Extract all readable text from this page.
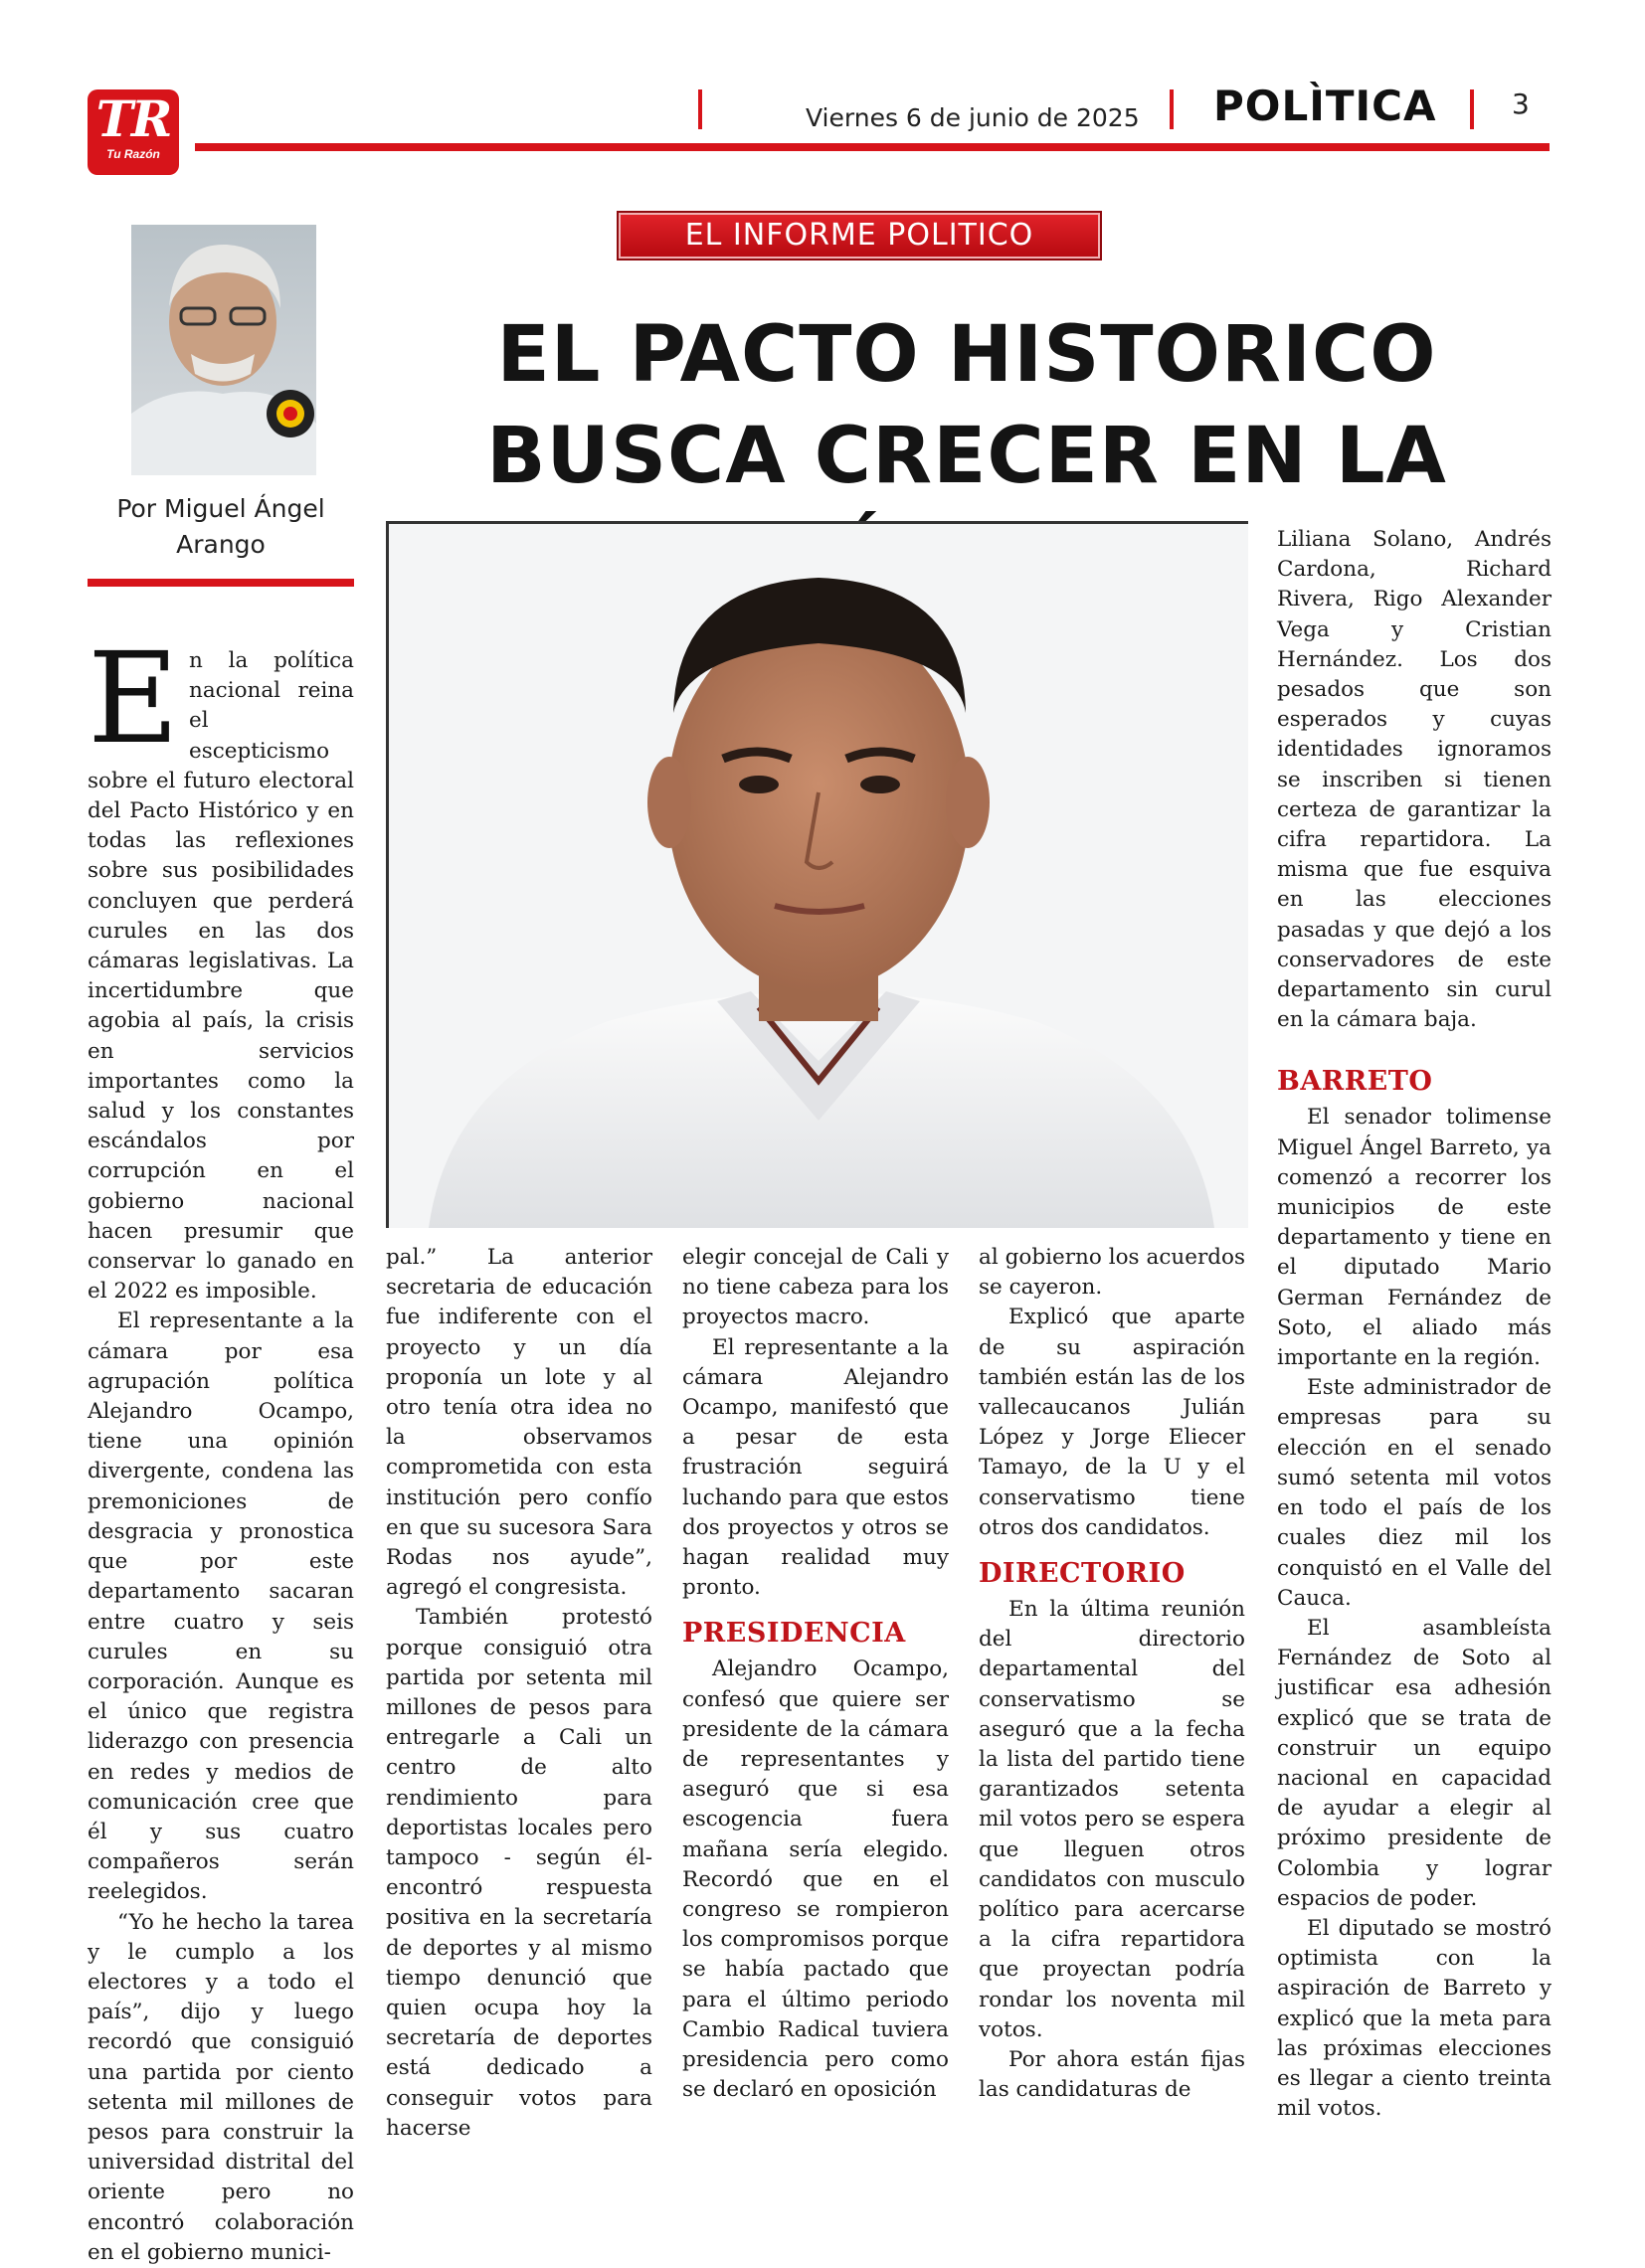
TR
Tu Razón
Viernes 6 de junio de 2025 POLÌTICA	3
Por Miguel Ángel Arango
EL INFORME POLITICO
EL PACTO HISTORICO BUSCA CRECER EN LA

En la política nacional reina el escepticismo sobre el futuro electoral del Pacto Histórico y en todas las reflexiones sobre sus posibilidades concluyen que perderá curules en las dos cámaras legislativas. La incertidumbre que agobia al país, la crisis en servicios importantes como la salud y los constantes escándalos por corrupción en el gobierno nacional hacen presumir que conservar lo ganado en el 2022 es imposible.

El representante a la cámara por esa agrupación política Alejandro Ocampo, tiene una opinión divergente, condena las premoniciones de desgracia y pronostica que por este departamento sacaran entre cuatro y seis curules en su corporación. Aunque es el único que registra liderazgo con presencia en redes y medios de comunicación cree que él y sus cuatro compañeros serán reelegidos.

“Yo he hecho la tarea y le cumplo a los electores y a todo el país”, dijo y luego recordó que consiguió una partida por ciento setenta mil millones de pesos para construir la universidad distrital del oriente pero no encontró colaboración en el gobierno munici-

pal.” La anterior secretaria de educación fue indiferente con el proyecto y un día proponía un lote y al otro tenía otra idea no la observamos comprometida con esta institución pero confío en que su sucesora Sara Rodas nos ayude”, agregó el congresista.

También protestó porque consiguió otra partida por setenta mil millones de pesos para entregarle a Cali un centro de alto rendimiento para deportistas locales pero tampoco - según él- encontró respuesta positiva en la secretaría de deportes y al mismo tiempo denunció que quien ocupa hoy la secretaría de deportes está dedicado a conseguir votos para hacerse

elegir concejal de Cali y no tiene cabeza para los proyectos macro.

El representante a la cámara Alejandro Ocampo, manifestó que a pesar de esta frustración seguirá luchando para que estos dos proyectos y otros se hagan realidad muy pronto.

PRESIDENCIA

Alejandro Ocampo, confesó que quiere ser presidente de la cámara de representantes y aseguró que si esa escogencia fuera mañana sería elegido. Recordó que en el congreso se rompieron los compromisos porque se había pactado que para el último periodo Cambio Radical tuviera presidencia pero como se declaró en oposición

al gobierno los acuerdos se cayeron.

Explicó que aparte de su aspiración también están las de los vallecaucanos Julián López y Jorge Eliecer Tamayo, de la U y el conservatismo tiene otros dos candidatos.

DIRECTORIO

En la última reunión del directorio departamental del conservatismo se aseguró que a la fecha la lista del partido tiene garantizados setenta mil votos pero se espera que lleguen otros candidatos con musculo político para acercarse a la cifra repartidora que proyectan podría rondar los noventa mil votos.

Por ahora están fijas las candidaturas de

Liliana Solano, Andrés Cardona, Richard Rivera, Rigo Alexander Vega y Cristian Hernández. Los dos pesados que son esperados y cuyas identidades ignoramos se inscriben si tienen certeza de garantizar la cifra repartidora. La misma que fue esquiva en las elecciones pasadas y que dejó a los conservadores de este departamento sin curul en la cámara baja.

BARRETO

El senador tolimense Miguel Ángel Barreto, ya comenzó a recorrer los municipios de este departamento y tiene en el diputado Mario German Fernández de Soto, el aliado más importante en la región.

Este administrador de empresas para su elección en el senado sumó setenta mil votos en todo el país de los cuales diez mil los conquistó en el Valle del Cauca.

El asambleísta Fernández de Soto al justificar esa adhesión explicó que se trata de construir un equipo nacional en capacidad de ayudar a elegir al próximo presidente de Colombia y lograr espacios de poder.

El diputado se mostró optimista con la aspiración de Barreto y explicó que la meta para las próximas elecciones es llegar a ciento treinta mil votos.
